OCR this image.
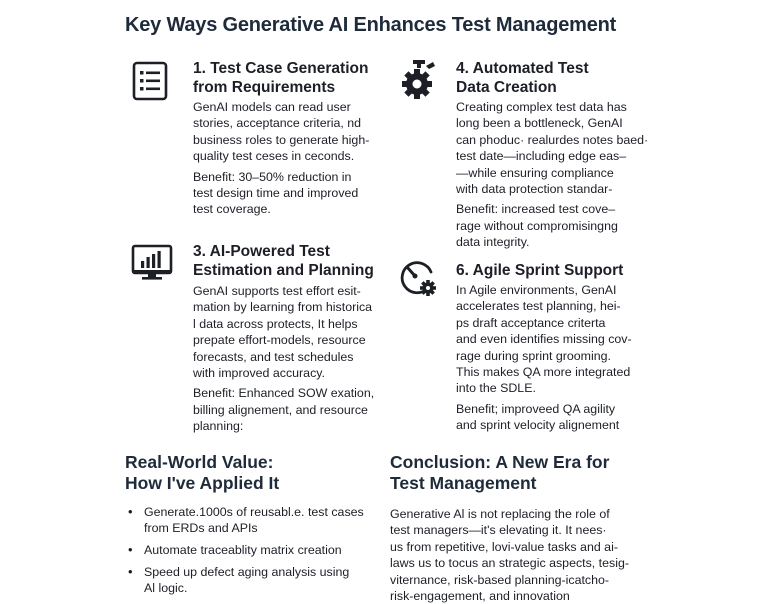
Key Ways Generative AI Enhances Test Management
1. Test Case Generation
from Requirements

GenAI models can read user
stories, acceptance criteria, nd
business roles to generate high-
quality test ceses in ceconds.

Benefit: 30–50% reduction in
test design time and improved
test coverage.

4. Automated Test
Data Creation

Creating complex test data has
long been a bottleneck, GenAI
can phoduc· realurdes notes baed·
test date—including edge eas–
—while ensuring compliance
with data protection standar-

Benefit: increased test cove–
rage without compromisingng
data integrity.

3. AI-Powered Test
Estimation and Planning

GenAI supports test effort esit-
mation by learning from historica
l data across protects, It helps
prepate effort-models, resource
forecasts, and test schedules
with improved accuracy.

Benefit: Enhanced SOW exation,
billing alignement, and resource
planning:

6. Agile Sprint Support

In Agile environments, GenAI
accelerates test planning, hei-
ps draft acceptance criterta
and even identifies missing cov-
rage during sprint grooming.
This makes QA more integrated
into the SDLE.

Benefit; improveed QA agility
and sprint velocity alignement

Real-World Value:
How I've Applied It
• Generate.1000s of reusabl.e. test cases
from ERDs and APIs
• Automate traceablity matrix creation
• Speed up defect aging analysis using
Al logic.
Conclusion: A New Era for
Test Management
Generative Al is not replacing the role of
test managers—it's elevating it. It nees·
us from repetitive, lovi-value tasks and ai-
laws us to tocus an strategic aspects, tesig-
viternance, risk-based planning-icatcho-
risk-engagement, and innovation
